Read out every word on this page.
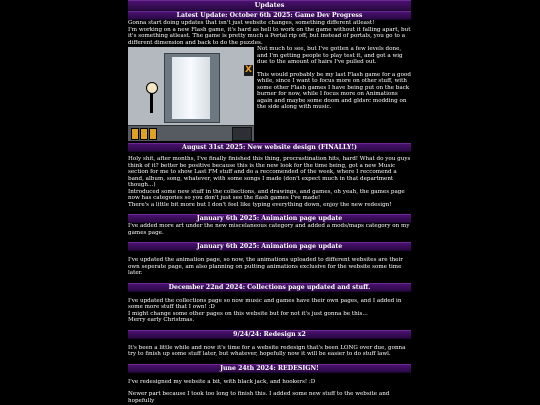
Updates
Latest Update: October 6th 2025: Game Dev Progress

Gonna start doing updates that isn't just website changes, something different atleast!

I'm working on a new Flash game, it's hard as hell to work on the game without it falling apart, but it's something atleast. The game is pretty much a Portal rip off, but instead of portals, you go to a different dimension and back to do the puzzles.

X

Not much to see, but I've gotten a few levels done, and I'm getting people to play test it, and got a wig due to the amount of hairs I've pulled out.

This would probably be my last Flash game for a good while, since I want to focus more on other stuff, with some other Flash games I have being put on the back burner for now, while I focus more on Animations again and maybe some doom and gldsrc modding on the side along with music.

August 31st 2025: New website design (FINALLY!)

Holy shit, after months, I've finally finished this thing, procrastination hits, hard! What do you guys think of it? better be positive because this is the new look for the time being, got a new Music section for me to show Last FM stuff and do a reccomended of the week, where I reccomend a band, album, song, whatever, with some songs I made (don't expect much in that department though...)

Introduced some new stuff in the collections, and drawings, and games, oh yeah, the games page now has categories so you don't just see the flash games I've made!

There's a little bit more but I don't feel like typing everything down, enjoy the new redesign!

January 6th 2025: Animation page update

I've added more art under the new miscelaneous category and added a mods/maps category on my games page.

January 6th 2025: Animation page update

I've updated the animation page, so now, the animations uploaded to different websites are their own seperate page, am also planning on putting animations exclusive for the website some time later.

December 22nd 2024: Collections page updated and stuff.

I've updated the collections page so now music and games have their own pages, and I added in some more stuff that I own! :D

I might change some other pages on this website but for not it's just gonna be this...

Merry early Christmas.

9/24/24: Redesign x2

It's been a little while and now it's time for a website redesign that's been LONG over due, gonna try to finish up some stuff later, but whatever, hopefully now it will be easier to do stuff lawl.

June 24th 2024: REDESIGN!

I've redesigned my website a bit, with black jack, and hookers! :D

Newer part because I took too long to finish this. I added some new stuff to the website and hopefully
